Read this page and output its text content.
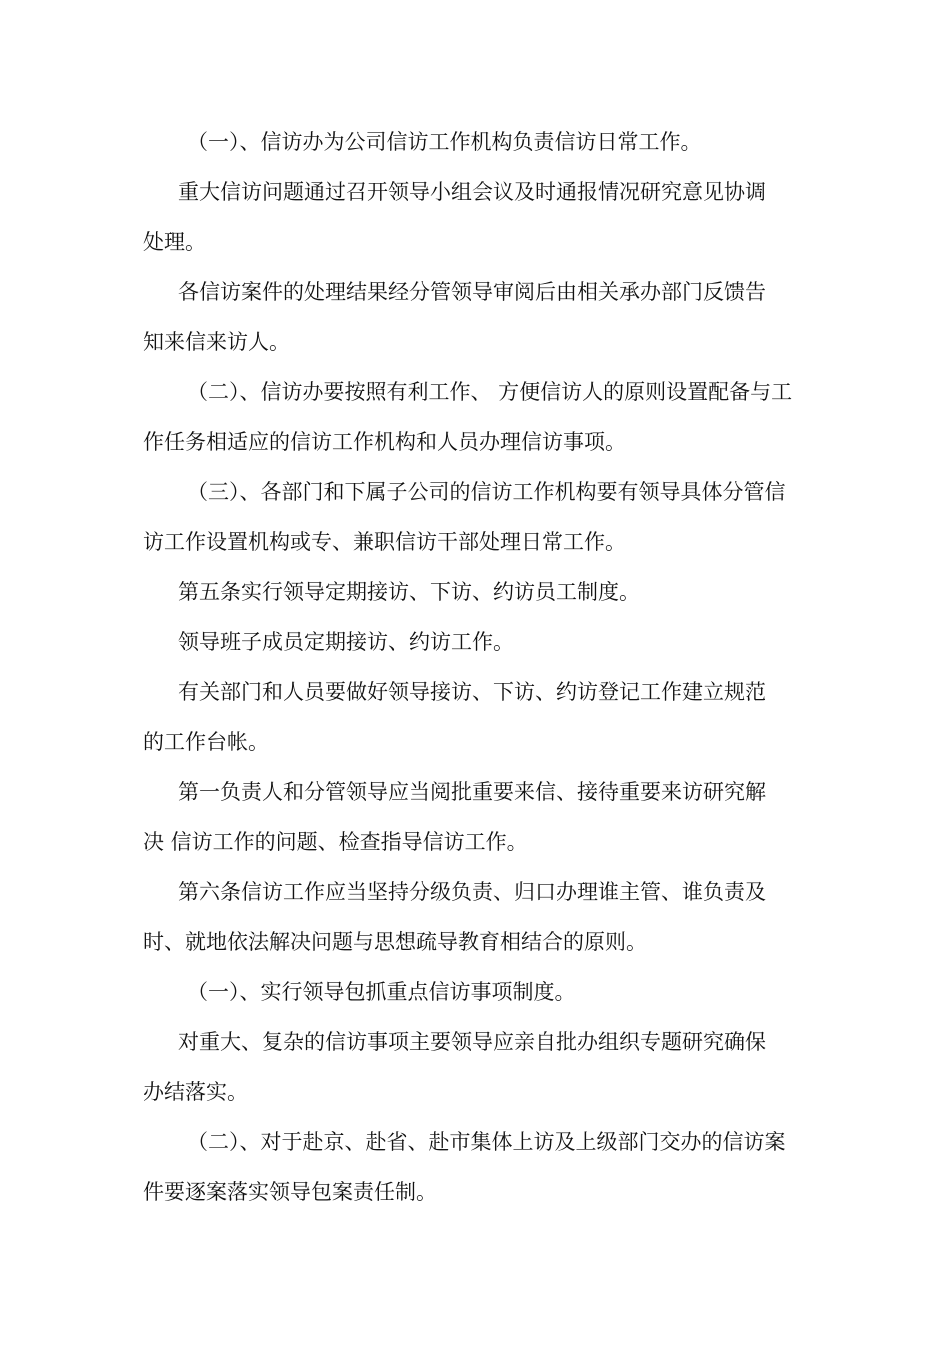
（一）、信访办为公司信访工作机构负责信访日常工作。
重大信访问题通过召开领导小组会议及时通报情况研究意见协调
处理。
各信访案件的处理结果经分管领导审阅后由相关承办部门反馈告
知来信来访人。
（二）、信访办要按照有利工作、 方便信访人的原则设置配备与工
作任务相适应的信访工作机构和人员办理信访事项。
（三）、各部门和下属子公司的信访工作机构要有领导具体分管信
访工作设置机构或专、兼职信访干部处理日常工作。
第五条实行领导定期接访、下访、约访员工制度。
领导班子成员定期接访、约访工作。
有关部门和人员要做好领导接访、下访、约访登记工作建立规范
的工作台帐。
第一负责人和分管领导应当阅批重要来信、接待重要来访研究解
决 信访工作的问题、检查指导信访工作。
第六条信访工作应当坚持分级负责、归口办理谁主管、谁负责及
时、就地依法解决问题与思想疏导教育相结合的原则。
（一）、实行领导包抓重点信访事项制度。
对重大、复杂的信访事项主要领导应亲自批办组织专题研究确保
办结落实。
（二）、对于赴京、赴省、赴市集体上访及上级部门交办的信访案
件要逐案落实领导包案责任制。
